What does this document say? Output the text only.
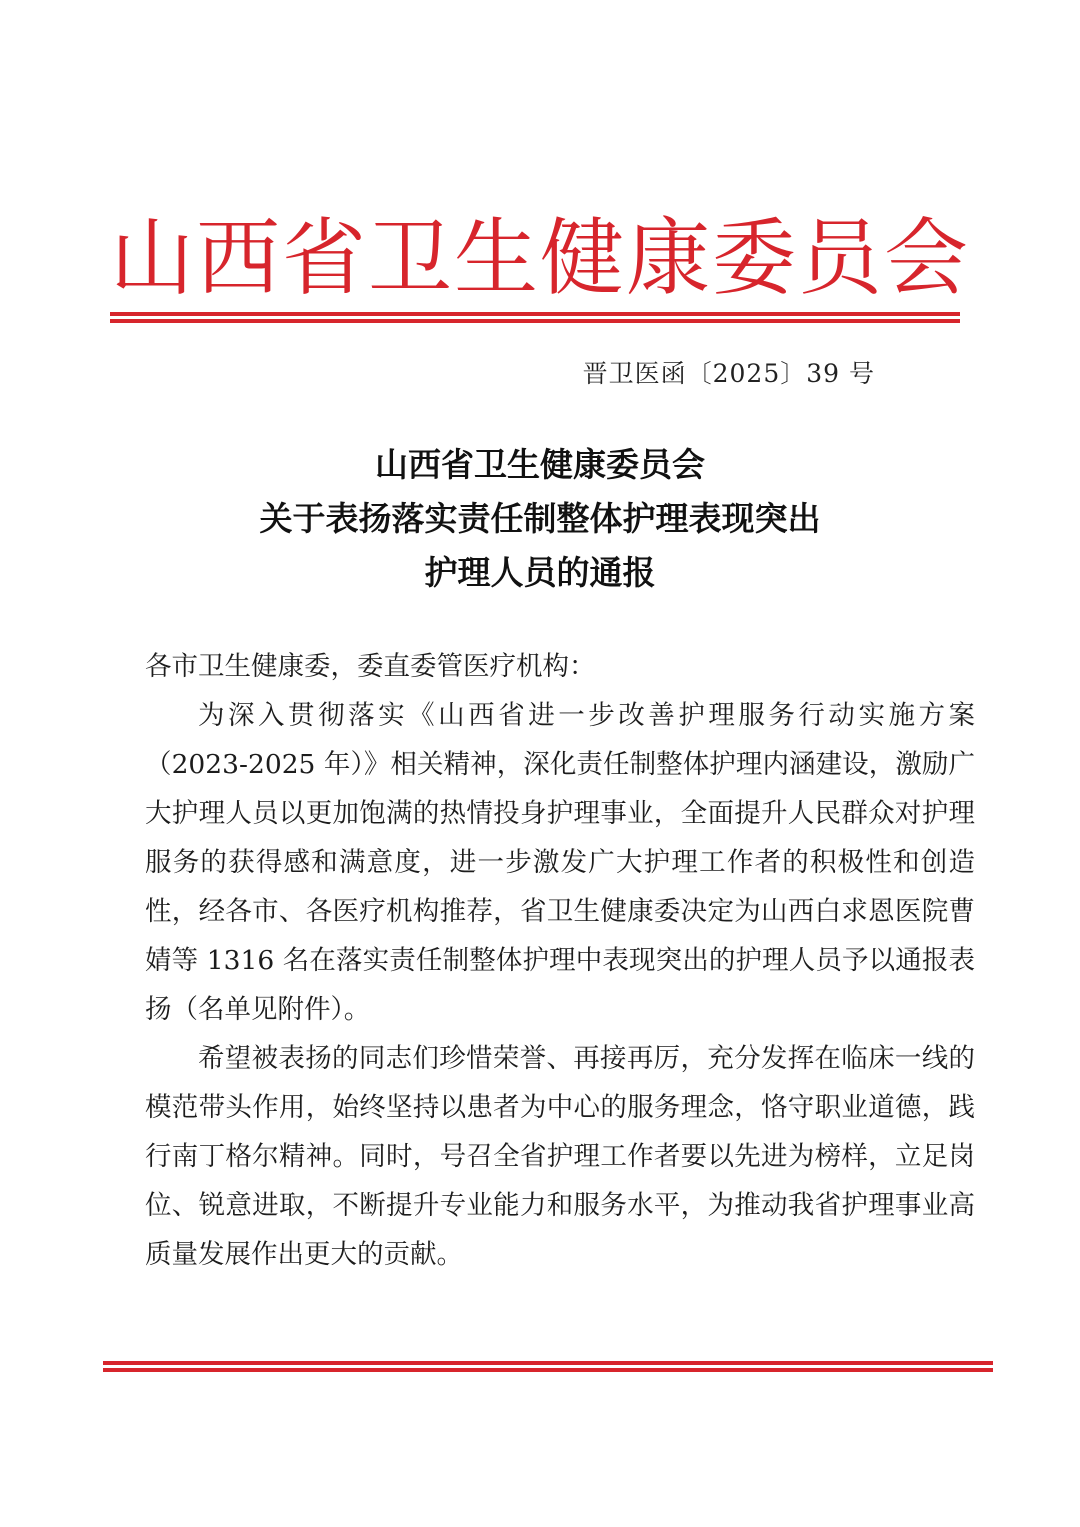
山西省卫生健康委员会
晋卫医函〔2025〕39 号
山西省卫生健康委员会
关于表扬落实责任制整体护理表现突出
护理人员的通报

各市卫生健康委，委直委管医疗机构：

为深入贯彻落实《山西省进一步改善护理服务行动实施方案（2023-2025 年）》相关精神，深化责任制整体护理内涵建设，激励广大护理人员以更加饱满的热情投身护理事业，全面提升人民群众对护理服务的获得感和满意度，进一步激发广大护理工作者的积极性和创造性，经各市、各医疗机构推荐，省卫生健康委决定为山西白求恩医院曹婧等 1316 名在落实责任制整体护理中表现突出的护理人员予以通报表扬（名单见附件）。

希望被表扬的同志们珍惜荣誉、再接再厉，充分发挥在临床一线的模范带头作用，始终坚持以患者为中心的服务理念，恪守职业道德，践行南丁格尔精神。同时，号召全省护理工作者要以先进为榜样，立足岗位、锐意进取，不断提升专业能力和服务水平，为推动我省护理事业高质量发展作出更大的贡献。
